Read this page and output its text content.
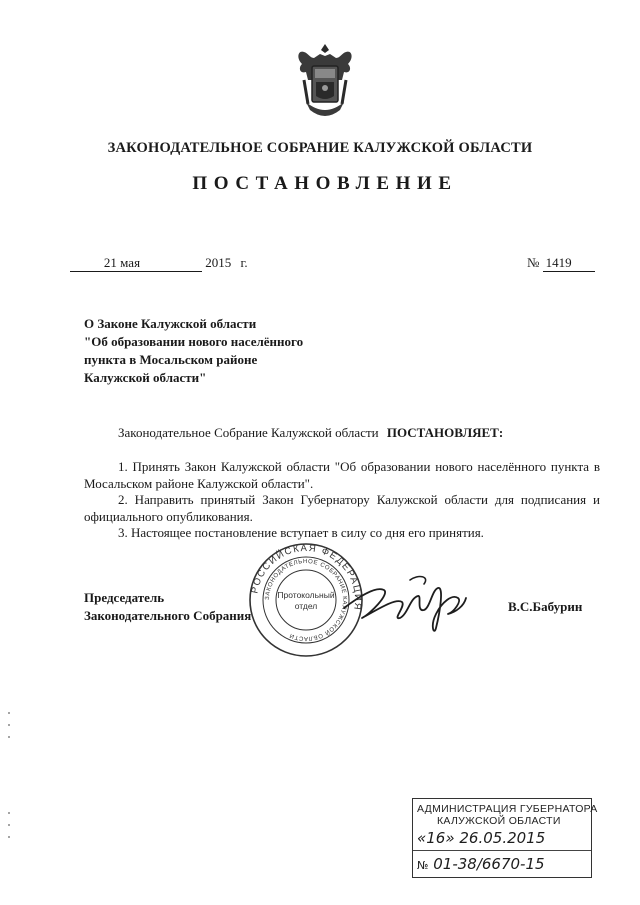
ЗАКОНОДАТЕЛЬНОЕ СОБРАНИЕ КАЛУЖСКОЙ ОБЛАСТИ
ПОСТАНОВЛЕНИЕ
21 мая	2015 г.	№ 1419
О Законе Калужской области
"Об образовании нового населённого
пункта в Мосальском районе
Калужской области"
Законодательное Собрание Калужской области ПОСТАНОВЛЯЕТ:
1. Принять Закон Калужской области "Об образовании нового населённого пункта в Мосальском районе Калужской области".
2. Направить принятый Закон Губернатору Калужской области для подписания и официального опубликования.
3. Настоящее постановление вступает в силу со дня его принятия.
Председатель
Законодательного Собрания
В.С.Бабурин
РОССИЙСКАЯ ФЕДЕРАЦИЯ
ЗАКОНОДАТЕЛЬНОЕ СОБРАНИЕ КАЛУЖСКОЙ ОБЛАСТИ
Протокольный
отдел
АДМИНИСТРАЦИЯ ГУБЕРНАТОРА
КАЛУЖСКОЙ ОБЛАСТИ
«16» 26.05.2015
№ 01-38/6670-15
